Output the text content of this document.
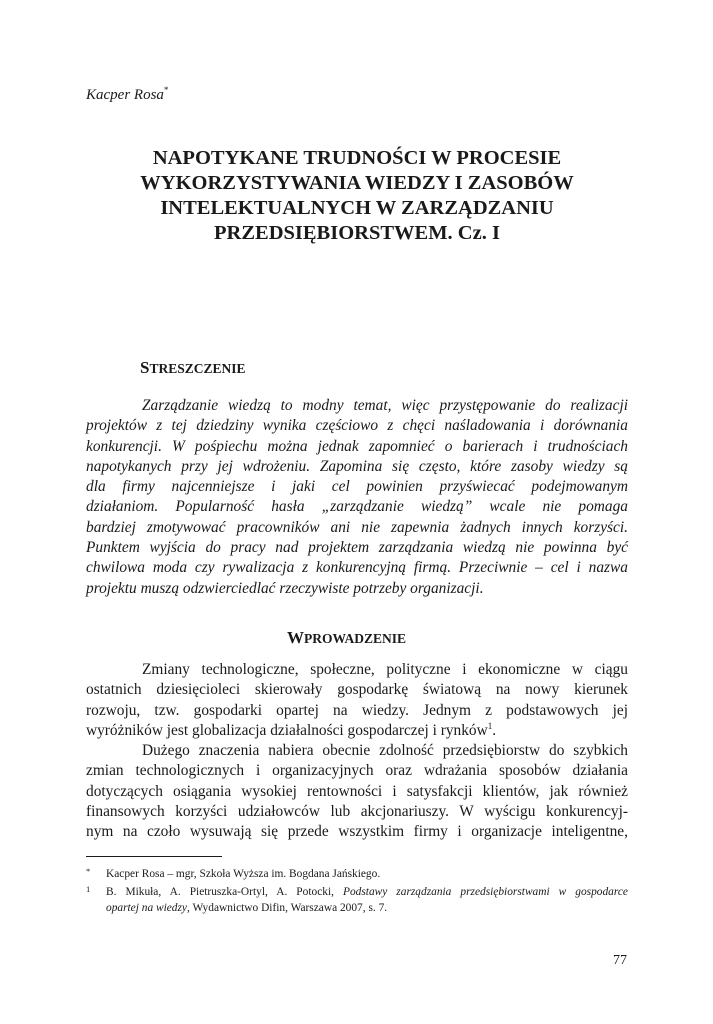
Kacper Rosa*
NAPOTYKANE TRUDNOŚCI W PROCESIE
WYKORZYSTYWANIA WIEDZY I ZASOBÓW
INTELEKTUALNYCH W ZARZĄDZANIU
PRZEDSIĘBIORSTWEM. Cz. I
STRESZCZENIE
Zarządzanie wiedzą to modny temat, więc przystępowanie do realizacji
projektów z tej dziedziny wynika częściowo z chęci naśladowania i dorównania
konkurencji. W pośpiechu można jednak zapomnieć o barierach i trudnościach
napotykanych przy jej wdrożeniu. Zapomina się często, które zasoby wiedzy są
dla firmy najcenniejsze i jaki cel powinien przyświecać podejmowanym
działaniom. Popularność hasła „zarządzanie wiedzą” wcale nie pomaga
bardziej zmotywować pracowników ani nie zapewnia żadnych innych korzyści.
Punktem wyjścia do pracy nad projektem zarządzania wiedzą nie powinna być
chwilowa moda czy rywalizacja z konkurencyjną firmą. Przeciwnie – cel i nazwa
projektu muszą odzwierciedlać rzeczywiste potrzeby organizacji.
WPROWADZENIE
Zmiany technologiczne, społeczne, polityczne i ekonomiczne w ciągu
ostatnich dziesięcioleci skierowały gospodarkę światową na nowy kierunek
rozwoju, tzw. gospodarki opartej na wiedzy. Jednym z podstawowych jej
wyróżników jest globalizacja działalności gospodarczej i rynków$^1$.
Dużego znaczenia nabiera obecnie zdolność przedsiębiorstw do szybkich
zmian technologicznych i organizacyjnych oraz wdrażania sposobów działania
dotyczących osiągania wysokiej rentowności i satysfakcji klientów, jak również
finansowych korzyści udziałowców lub akcjonariuszy. W wyścigu konkurencyj-
nym na czoło wysuwają się przede wszystkim firmy i organizacje inteligentne,
* Kacper Rosa – mgr, Szkoła Wyższa im. Bogdana Jańskiego.
1 B. Mikuła, A. Pietruszka-Ortyl, A. Potocki, Podstawy zarządzania przedsiębiorstwami w gospodarce
opartej na wiedzy, Wydawnictwo Difin, Warszawa 2007, s. 7.
77
